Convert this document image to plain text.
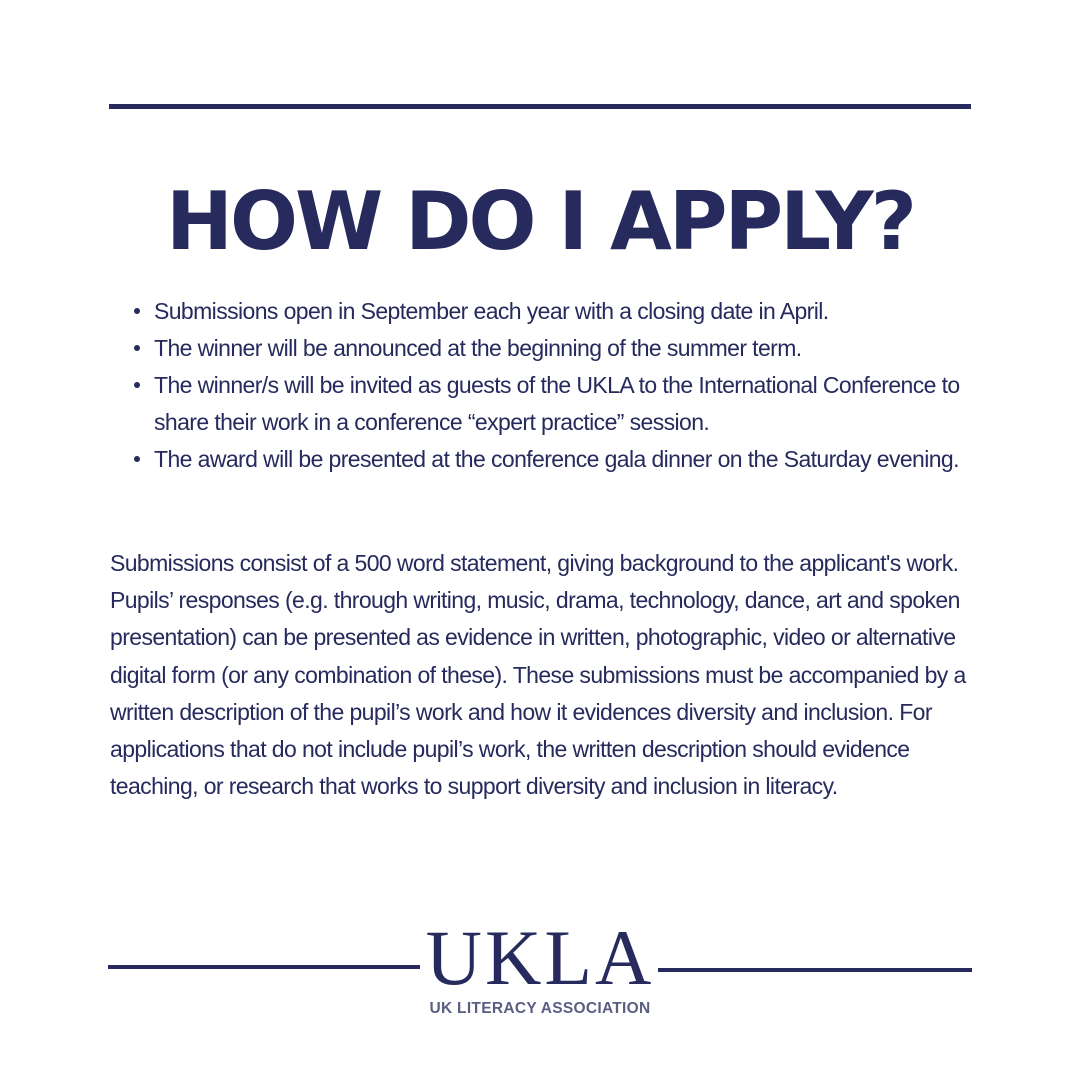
HOW DO I APPLY?
Submissions open in September each year with a closing date in April.
The winner will be announced at the beginning of the summer term.
The winner/s will be invited as guests of the UKLA to the International Conference to share their work in a conference “expert practice” session.
The award will be presented at the conference gala dinner on the Saturday evening.

Submissions consist of a 500 word statement, giving background to the applicant's work. Pupils’ responses (e.g. through writing, music, drama, technology, dance, art and spoken presentation) can be presented as evidence in written, photographic, video or alternative digital form (or any combination of these). These submissions must be accompanied by a written description of the pupil’s work and how it evidences diversity and inclusion. For applications that do not include pupil’s work, the written description should evidence teaching, or research that works to support diversity and inclusion in literacy.

UKLA
UK LITERACY ASSOCIATION
